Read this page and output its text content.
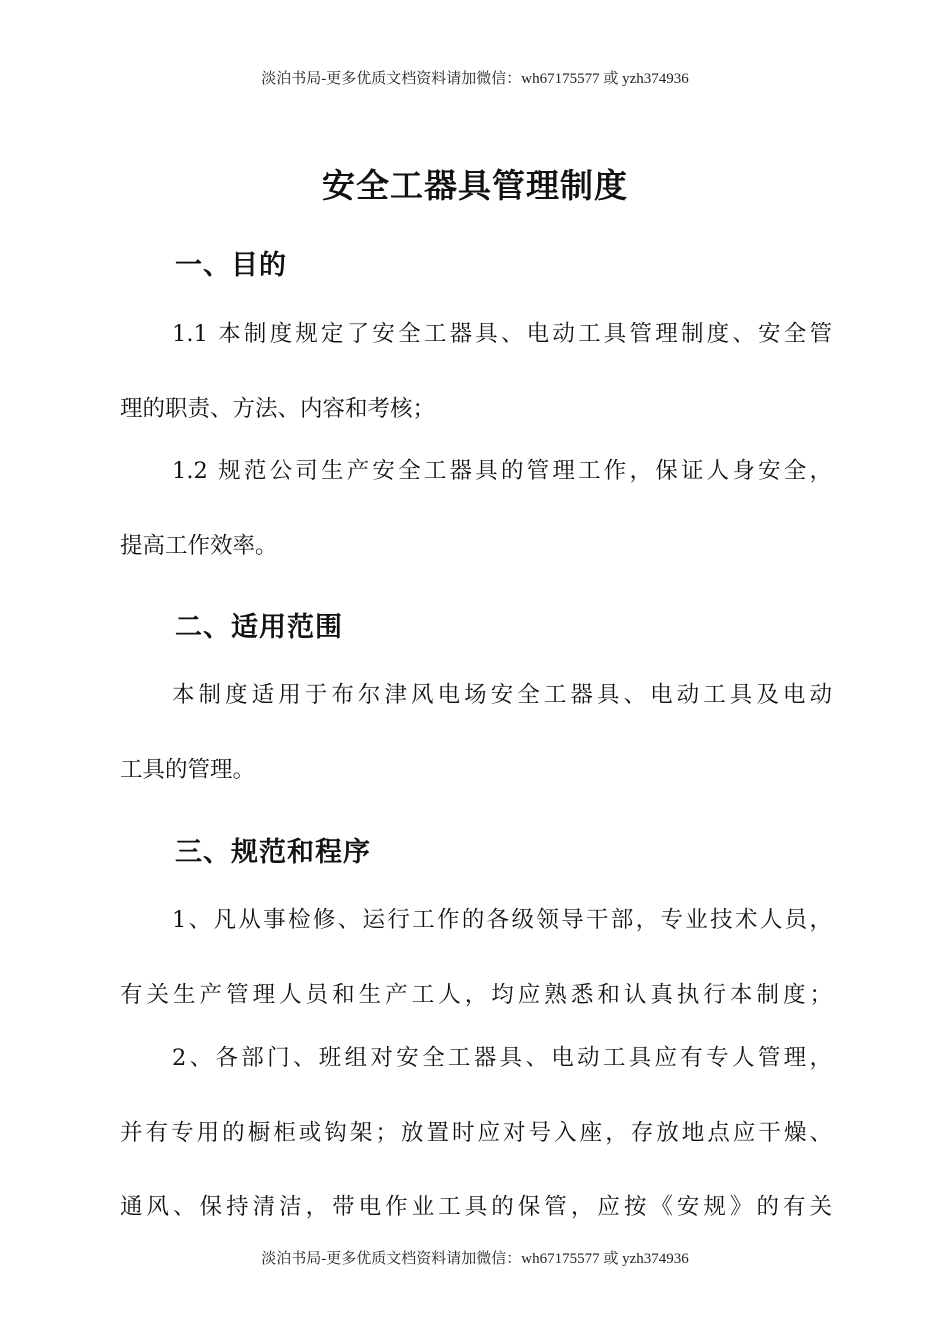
淡泊书局-更多优质文档资料请加微信：wh67175577 或 yzh374936
安全工器具管理制度
一、目的
1.1 本制度规定了安全工器具、电动工具管理制度、安全管
理的职责、方法、内容和考核；
1.2 规范公司生产安全工器具的管理工作，保证人身安全，
提高工作效率。
二、适用范围
本制度适用于布尔津风电场安全工器具、电动工具及电动
工具的管理。
三、规范和程序
1、凡从事检修、运行工作的各级领导干部，专业技术人员，
有关生产管理人员和生产工人，均应熟悉和认真执行本制度；
2、各部门、班组对安全工器具、电动工具应有专人管理，
并有专用的橱柜或钩架；放置时应对号入座，存放地点应干燥、
通风、保持清洁，带电作业工具的保管，应按《安规》的有关
淡泊书局-更多优质文档资料请加微信：wh67175577 或 yzh374936
